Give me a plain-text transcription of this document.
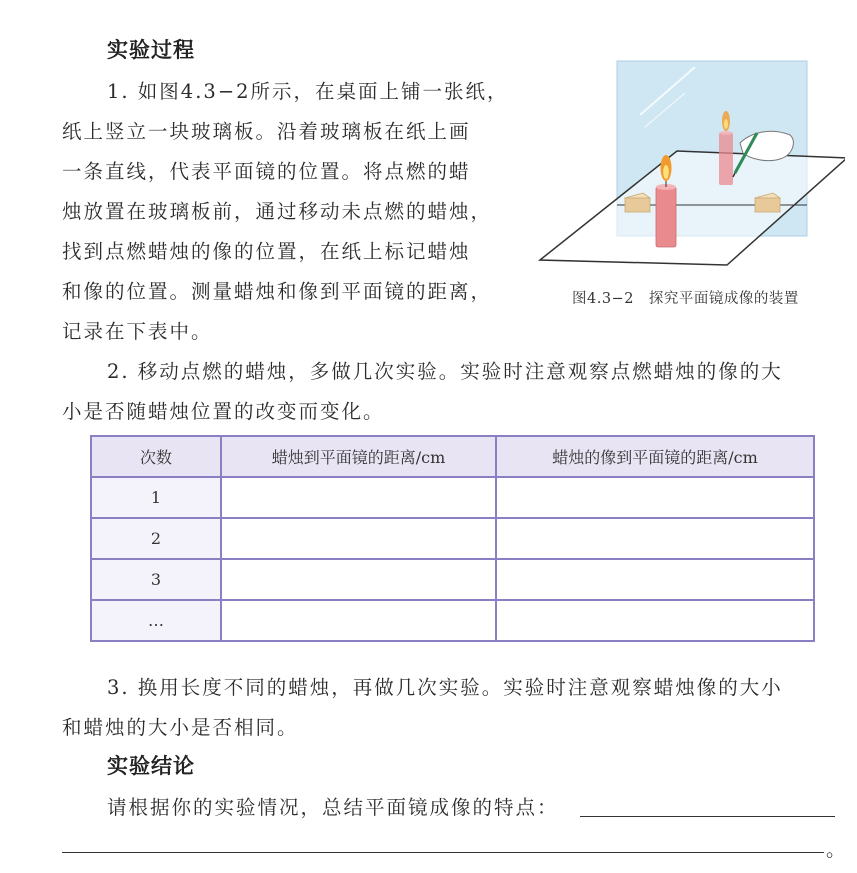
实验过程
1. 如图4.3−2所示，在桌面上铺一张纸，
纸上竖立一块玻璃板。沿着玻璃板在纸上画
一条直线，代表平面镜的位置。将点燃的蜡
烛放置在玻璃板前，通过移动未点燃的蜡烛，
找到点燃蜡烛的像的位置，在纸上标记蜡烛
和像的位置。测量蜡烛和像到平面镜的距离，
记录在下表中。
图4.3−2　探究平面镜成像的装置
2. 移动点燃的蜡烛，多做几次实验。实验时注意观察点燃蜡烛的像的大
小是否随蜡烛位置的改变而变化。
次数	蜡烛到平面镜的距离/cm	蜡烛的像到平面镜的距离/cm
1		
2		
3		
…		
3. 换用长度不同的蜡烛，再做几次实验。实验时注意观察蜡烛像的大小
和蜡烛的大小是否相同。
实验结论
请根据你的实验情况，总结平面镜成像的特点：
。
